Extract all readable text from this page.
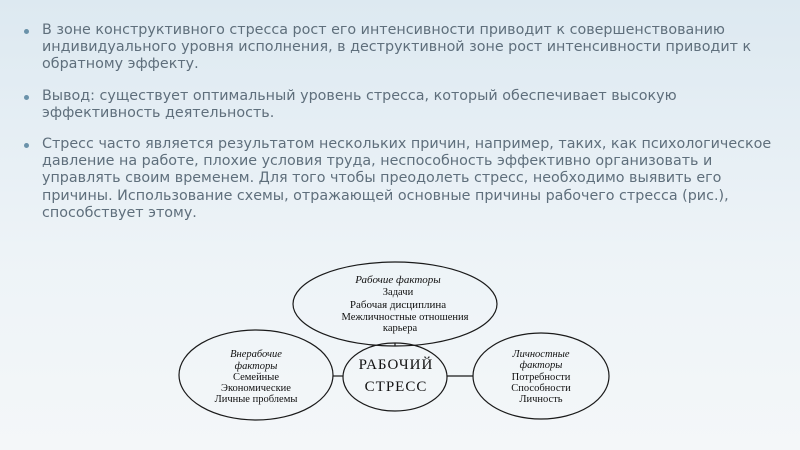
В зоне конструктивного стресса рост его интенсивности приводит к совершенствованию индивидуального уровня исполнения, в деструктивной зоне рост интенсивности приводит к обратному эффекту.
Вывод: существует оптимальный уровень стресса, который обеспечивает высокую эффективность деятельность.
Стресс часто является результатом нескольких причин, например, таких, как психологическое давление на работе, плохие условия труда, неспособность эффективно организовать и управлять своим временем. Для того чтобы преодолеть стресс, необходимо выявить его причины. Использование схемы, отражающей основные причины рабочего стресса (рис.), способствует этому.
РАБОЧИЙ
СТРЕСС
Рабочие факторы
Задачи
Рабочая дисциплина
Межличностные отношения
карьера
Внерабочие
факторы
Семейные
Экономические
Личные проблемы
Личностные
факторы
Потребности
Способности
Личность
